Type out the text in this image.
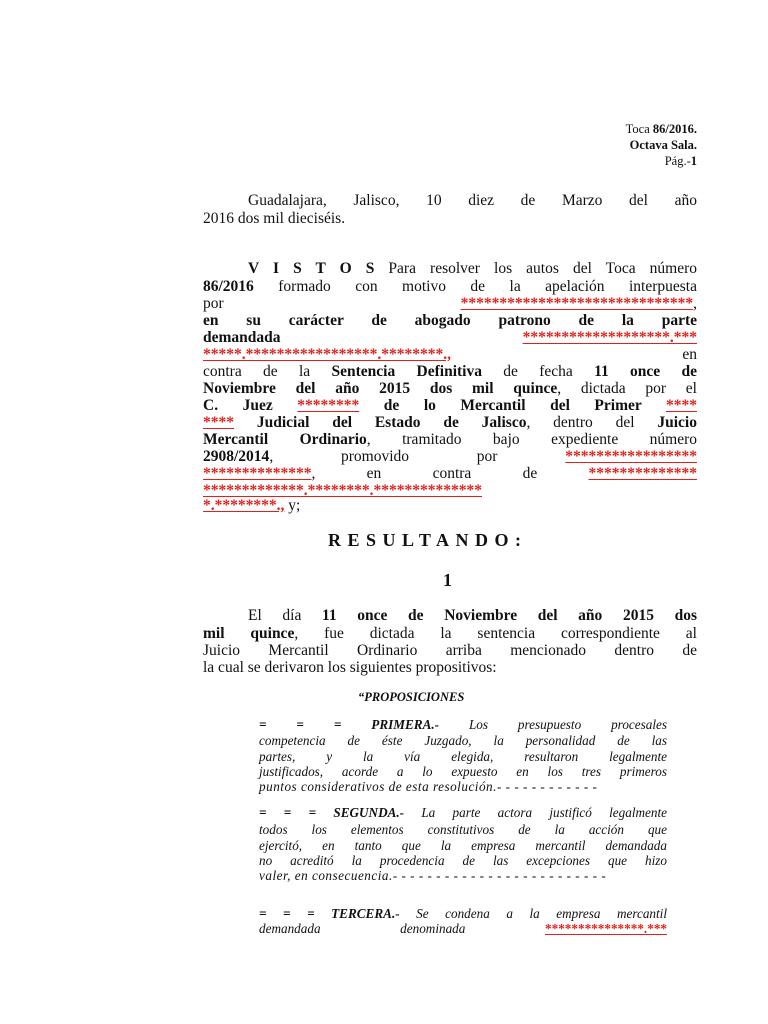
Toca 86/2016.
Octava Sala.
Pág.-1
Guadalajara, Jalisco, 10 diez de Marzo del año
2016 dos mil dieciséis.
V I S T O S Para resolver los autos del Toca número
86/2016 formado con motivo de la apelación interpuesta
por ******************************,
en su carácter de abogado patrono de la parte
demandada *******************.***
*****.*****************.********., en
contra de la Sentencia Definitiva de fecha 11 once de
Noviembre del año 2015 dos mil quince, dictada por el
C. Juez ******** de lo Mercantil del Primer ****
**** Judicial del Estado de Jalisco, dentro del Juicio
Mercantil Ordinario, tramitado bajo expediente número
2908/2014, promovido por *****************
**************, en contra de **************
*************.********.**************
*.********., y;
RESULTANDO:
1
El día 11 once de Noviembre del año 2015 dos
mil quince, fue dictada la sentencia correspondiente al
Juicio Mercantil Ordinario arriba mencionado dentro de
la cual se derivaron los siguientes propositivos:
“PROPOSICIONES
= = = PRIMERA.- Los presupuesto procesales
competencia de éste Juzgado, la personalidad de las
partes, y la vía elegida, resultaron legalmente
justificados, acorde a lo expuesto en los tres primeros
puntos considerativos de esta resolución.- - - - - - - - - - - -
= = = SEGUNDA.- La parte actora justificó legalmente
todos los elementos constitutivos de la acción que
ejercitó, en tanto que la empresa mercantil demandada
no acreditó la procedencia de las excepciones que hizo
valer, en consecuencia.- - - - - - - - - - - - - - - - - - - - - - - - -
= = = TERCERA.- Se condena a la empresa mercantil
demandada denominada ***************.***
